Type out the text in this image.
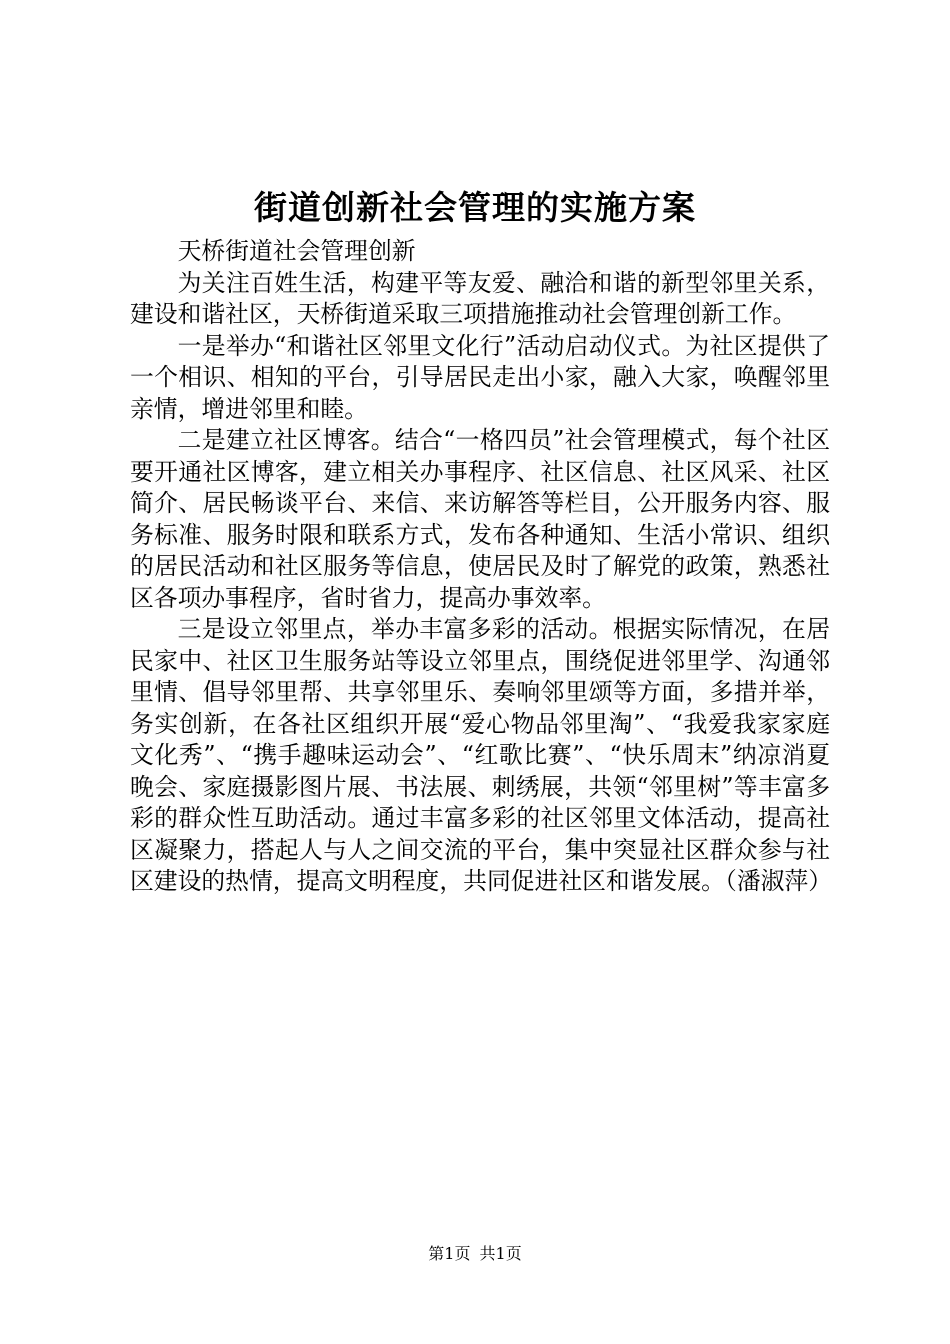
街道创新社会管理的实施方案

天桥街道社会管理创新

为关注百姓生活，构建平等友爱、融洽和谐的新型邻里关系，建设和谐社区，天桥街道采取三项措施推动社会管理创新工作。

一是举办“和谐社区邻里文化行”活动启动仪式。为社区提供了一个相识、相知的平台，引导居民走出小家，融入大家，唤醒邻里亲情，增进邻里和睦。

二是建立社区博客。结合“一格四员”社会管理模式，每个社区要开通社区博客，建立相关办事程序、社区信息、社区风采、社区简介、居民畅谈平台、来信、来访解答等栏目，公开服务内容、服务标准、服务时限和联系方式，发布各种通知、生活小常识、组织的居民活动和社区服务等信息，使居民及时了解党的政策，熟悉社区各项办事程序，省时省力，提高办事效率。

三是设立邻里点，举办丰富多彩的活动。根据实际情况，在居民家中、社区卫生服务站等设立邻里点，围绕促进邻里学、沟通邻里情、倡导邻里帮、共享邻里乐、奏响邻里颂等方面，多措并举，务实创新，在各社区组织开展“爱心物品邻里淘”、“我爱我家家庭文化秀”、“携手趣味运动会”、“红歌比赛”、“快乐周末”纳凉消夏晚会、家庭摄影图片展、书法展、刺绣展，共领“邻里树”等丰富多彩的群众性互助活动。通过丰富多彩的社区邻里文体活动，提高社区凝聚力，搭起人与人之间交流的平台，集中突显社区群众参与社区建设的热情，提高文明程度，共同促进社区和谐发展。（潘淑萍）

第1页 共1页
